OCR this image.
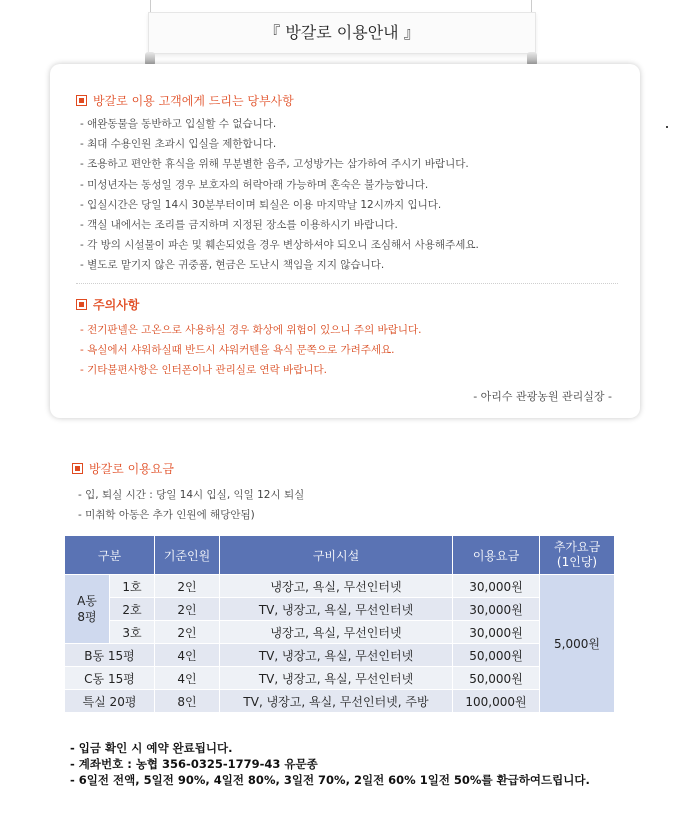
『 방갈로 이용안내 』
방갈로 이용 고객에게 드리는 당부사항
- 애완동물을 동반하고 입실할 수 없습니다.
- 최대 수용인원 초과시 입실을 제한합니다.
- 조용하고 편안한 휴식을 위해 무분별한 음주, 고성방가는 삼가하여 주시기 바랍니다.
- 미성년자는 동성일 경우 보호자의 허락아래 가능하며 혼숙은 불가능합니다.
- 입실시간은 당일 14시 30분부터이며 퇴실은 이용 마지막날 12시까지 입니다.
- 객실 내에서는 조리를 금지하며 지정된 장소를 이용하시기 바랍니다.
- 각 방의 시설물이 파손 및 훼손되었을 경우 변상하셔야 되오니 조심해서 사용해주세요.
- 별도로 맡기지 않은 귀중품, 현금은 도난시 책임을 지지 않습니다.
주의사항
- 전기판넬은 고온으로 사용하실 경우 화상에 위험이 있으니 주의 바랍니다.
- 욕실에서 샤워하실때 반드시 샤워커텐을 욕식 문쪽으로 가려주세요.
- 기타불편사항은 인터폰이나 관리실로 연락 바랍니다.
- 아리수 관광농원 관리실장 -
방갈로 이용요금
- 입, 퇴실 시간 : 당일 14시 입실, 익일 12시 퇴실
- 미취학 아동은 추가 인원에 해당안됨)
구분		기준인원	구비시설	이용요금	추가요금
(1인당)
A동
8평	1호	2인	냉장고, 욕실, 무선인터넷	30,000원	5,000원
	2호	2인	TV, 냉장고, 욕실, 무선인터넷	30,000원	
	3호	2인	냉장고, 욕실, 무선인터넷	30,000원	
B동 15평		4인	TV, 냉장고, 욕실, 무선인터넷	50,000원	
C동 15평		4인	TV, 냉장고, 욕실, 무선인터넷	50,000원	
특실 20평		8인	TV, 냉장고, 욕실, 무선인터넷, 주방	100,000원	
- 입금 확인 시 예약 완료됩니다.
- 계좌번호 : 농협 356-0325-1779-43 유문종
- 6일전 전액, 5일전 90%, 4일전 80%, 3일전 70%, 2일전 60% 1일전 50%를 환급하여드립니다.
